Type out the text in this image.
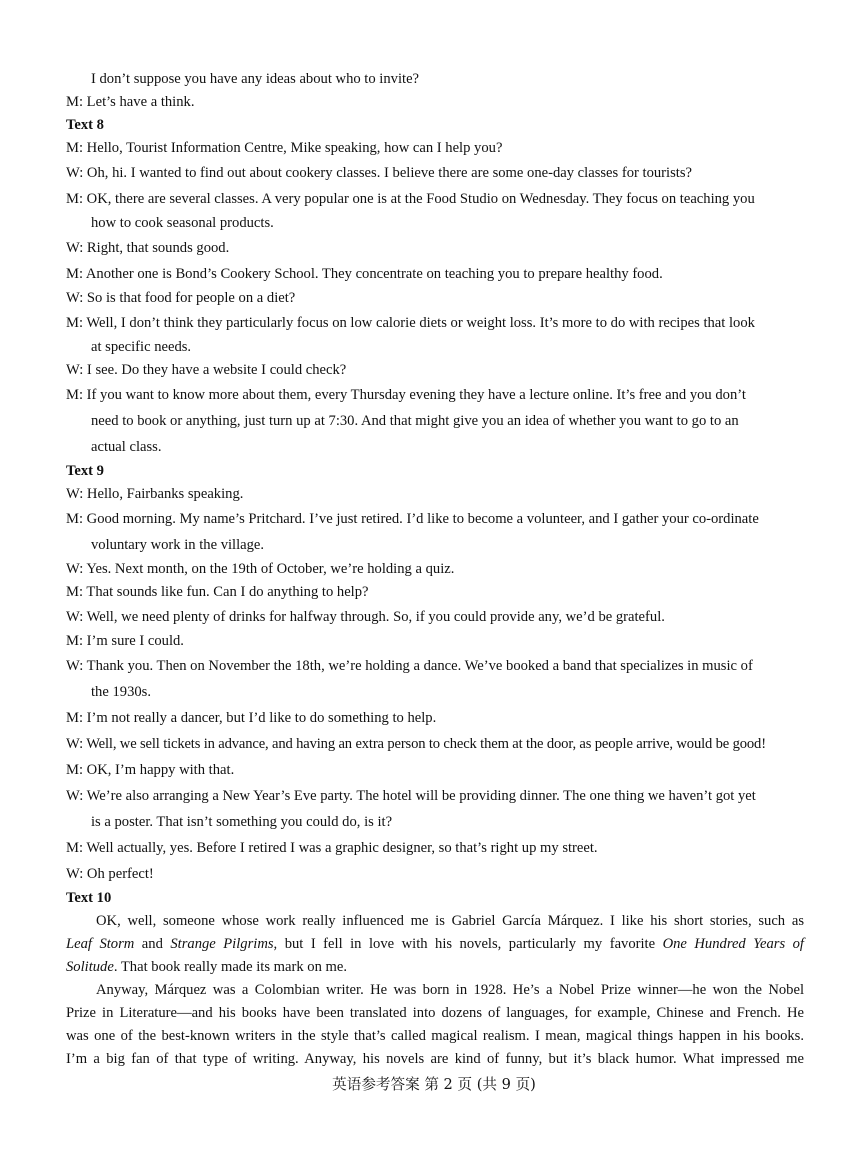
I don’t suppose you have any ideas about who to invite?
M: Let’s have a think.
Text 8
M: Hello, Tourist Information Centre, Mike speaking, how can I help you?
W: Oh, hi. I wanted to find out about cookery classes. I believe there are some one-day classes for tourists?
M: OK, there are several classes. A very popular one is at the Food Studio on Wednesday. They focus on teaching you
how to cook seasonal products.
W: Right, that sounds good.
M: Another one is Bond’s Cookery School. They concentrate on teaching you to prepare healthy food.
W: So is that food for people on a diet?
M: Well, I don’t think they particularly focus on low calorie diets or weight loss. It’s more to do with recipes that look
at specific needs.
W: I see. Do they have a website I could check?
M: If you want to know more about them, every Thursday evening they have a lecture online. It’s free and you don’t
need to book or anything, just turn up at 7:30. And that might give you an idea of whether you want to go to an
actual class.
Text 9
W: Hello, Fairbanks speaking.
M: Good morning. My name’s Pritchard. I’ve just retired. I’d like to become a volunteer, and I gather your co-ordinate
voluntary work in the village.
W: Yes. Next month, on the 19th of October, we’re holding a quiz.
M: That sounds like fun. Can I do anything to help?
W: Well, we need plenty of drinks for halfway through. So, if you could provide any, we’d be grateful.
M: I’m sure I could.
W: Thank you. Then on November the 18th, we’re holding a dance. We’ve booked a band that specializes in music of
the 1930s.
M: I’m not really a dancer, but I’d like to do something to help.
W: Well, we sell tickets in advance, and having an extra person to check them at the door, as people arrive, would be good!
M: OK, I’m happy with that.
W: We’re also arranging a New Year’s Eve party. The hotel will be providing dinner. The one thing we haven’t got yet
is a poster. That isn’t something you could do, is it?
M: Well actually, yes. Before I retired I was a graphic designer, so that’s right up my street.
W: Oh perfect!
Text 10
OK, well, someone whose work really influenced me is Gabriel García Márquez. I like his short stories, such as
Leaf Storm and Strange Pilgrims, but I fell in love with his novels, particularly my favorite One Hundred Years of
Solitude. That book really made its mark on me.
Anyway, Márquez was a Colombian writer. He was born in 1928. He’s a Nobel Prize winner—he won the Nobel
Prize in Literature—and his books have been translated into dozens of languages, for example, Chinese and French. He
was one of the best-known writers in the style that’s called magical realism. I mean, magical things happen in his books.
I’m a big fan of that type of writing. Anyway, his novels are kind of funny, but it’s black humor. What impressed me
英语参考答案 第 2 页 (共 9 页)
